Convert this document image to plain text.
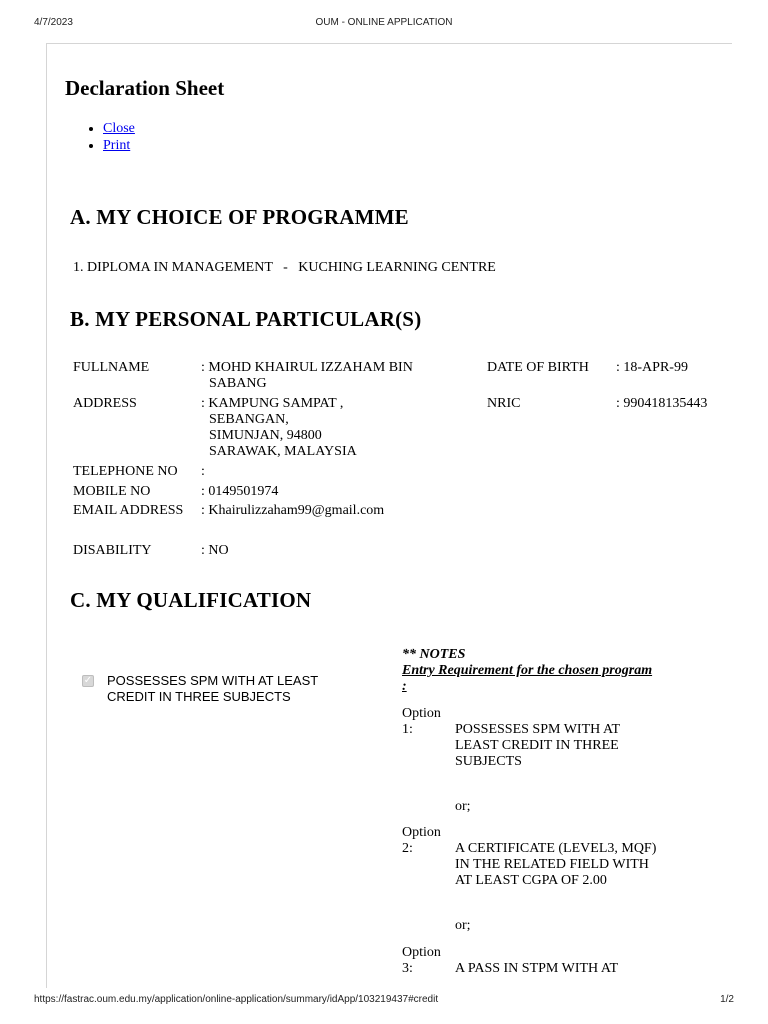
4/7/2023	OUM - ONLINE APPLICATION
Declaration Sheet
• Close
• Print
A. MY CHOICE OF PROGRAMME
1. DIPLOMA IN MANAGEMENT   -   KUCHING LEARNING CENTRE
B. MY PERSONAL PARTICULAR(S)
FULLNAME	: MOHD KHAIRUL IZZAHAM BIN
SABANG
DATE OF BIRTH : 18-APR-99
ADDRESS	: KAMPUNG SAMPAT ,
SEBANGAN,
SIMUNJAN, 94800
SARAWAK, MALAYSIA
NRIC	: 990418135443
TELEPHONE NO :
MOBILE NO	: 0149501974
EMAIL ADDRESS : Khairulizzaham99@gmail.com
DISABILITY	: NO
C. MY QUALIFICATION
✓ POSSESSES SPM WITH AT LEAST
CREDIT IN THREE SUBJECTS
** NOTES
Entry Requirement for the chosen program
:
Option
1:	POSSESSES SPM WITH AT
LEAST CREDIT IN THREE
SUBJECTS
or;
Option
2:	A CERTIFICATE (LEVEL3, MQF)
IN THE RELATED FIELD WITH
AT LEAST CGPA OF 2.00
or;
Option
3:	A PASS IN STPM WITH AT
https://fastrac.oum.edu.my/application/online-application/summary/idApp/103219437#credit	1/2
